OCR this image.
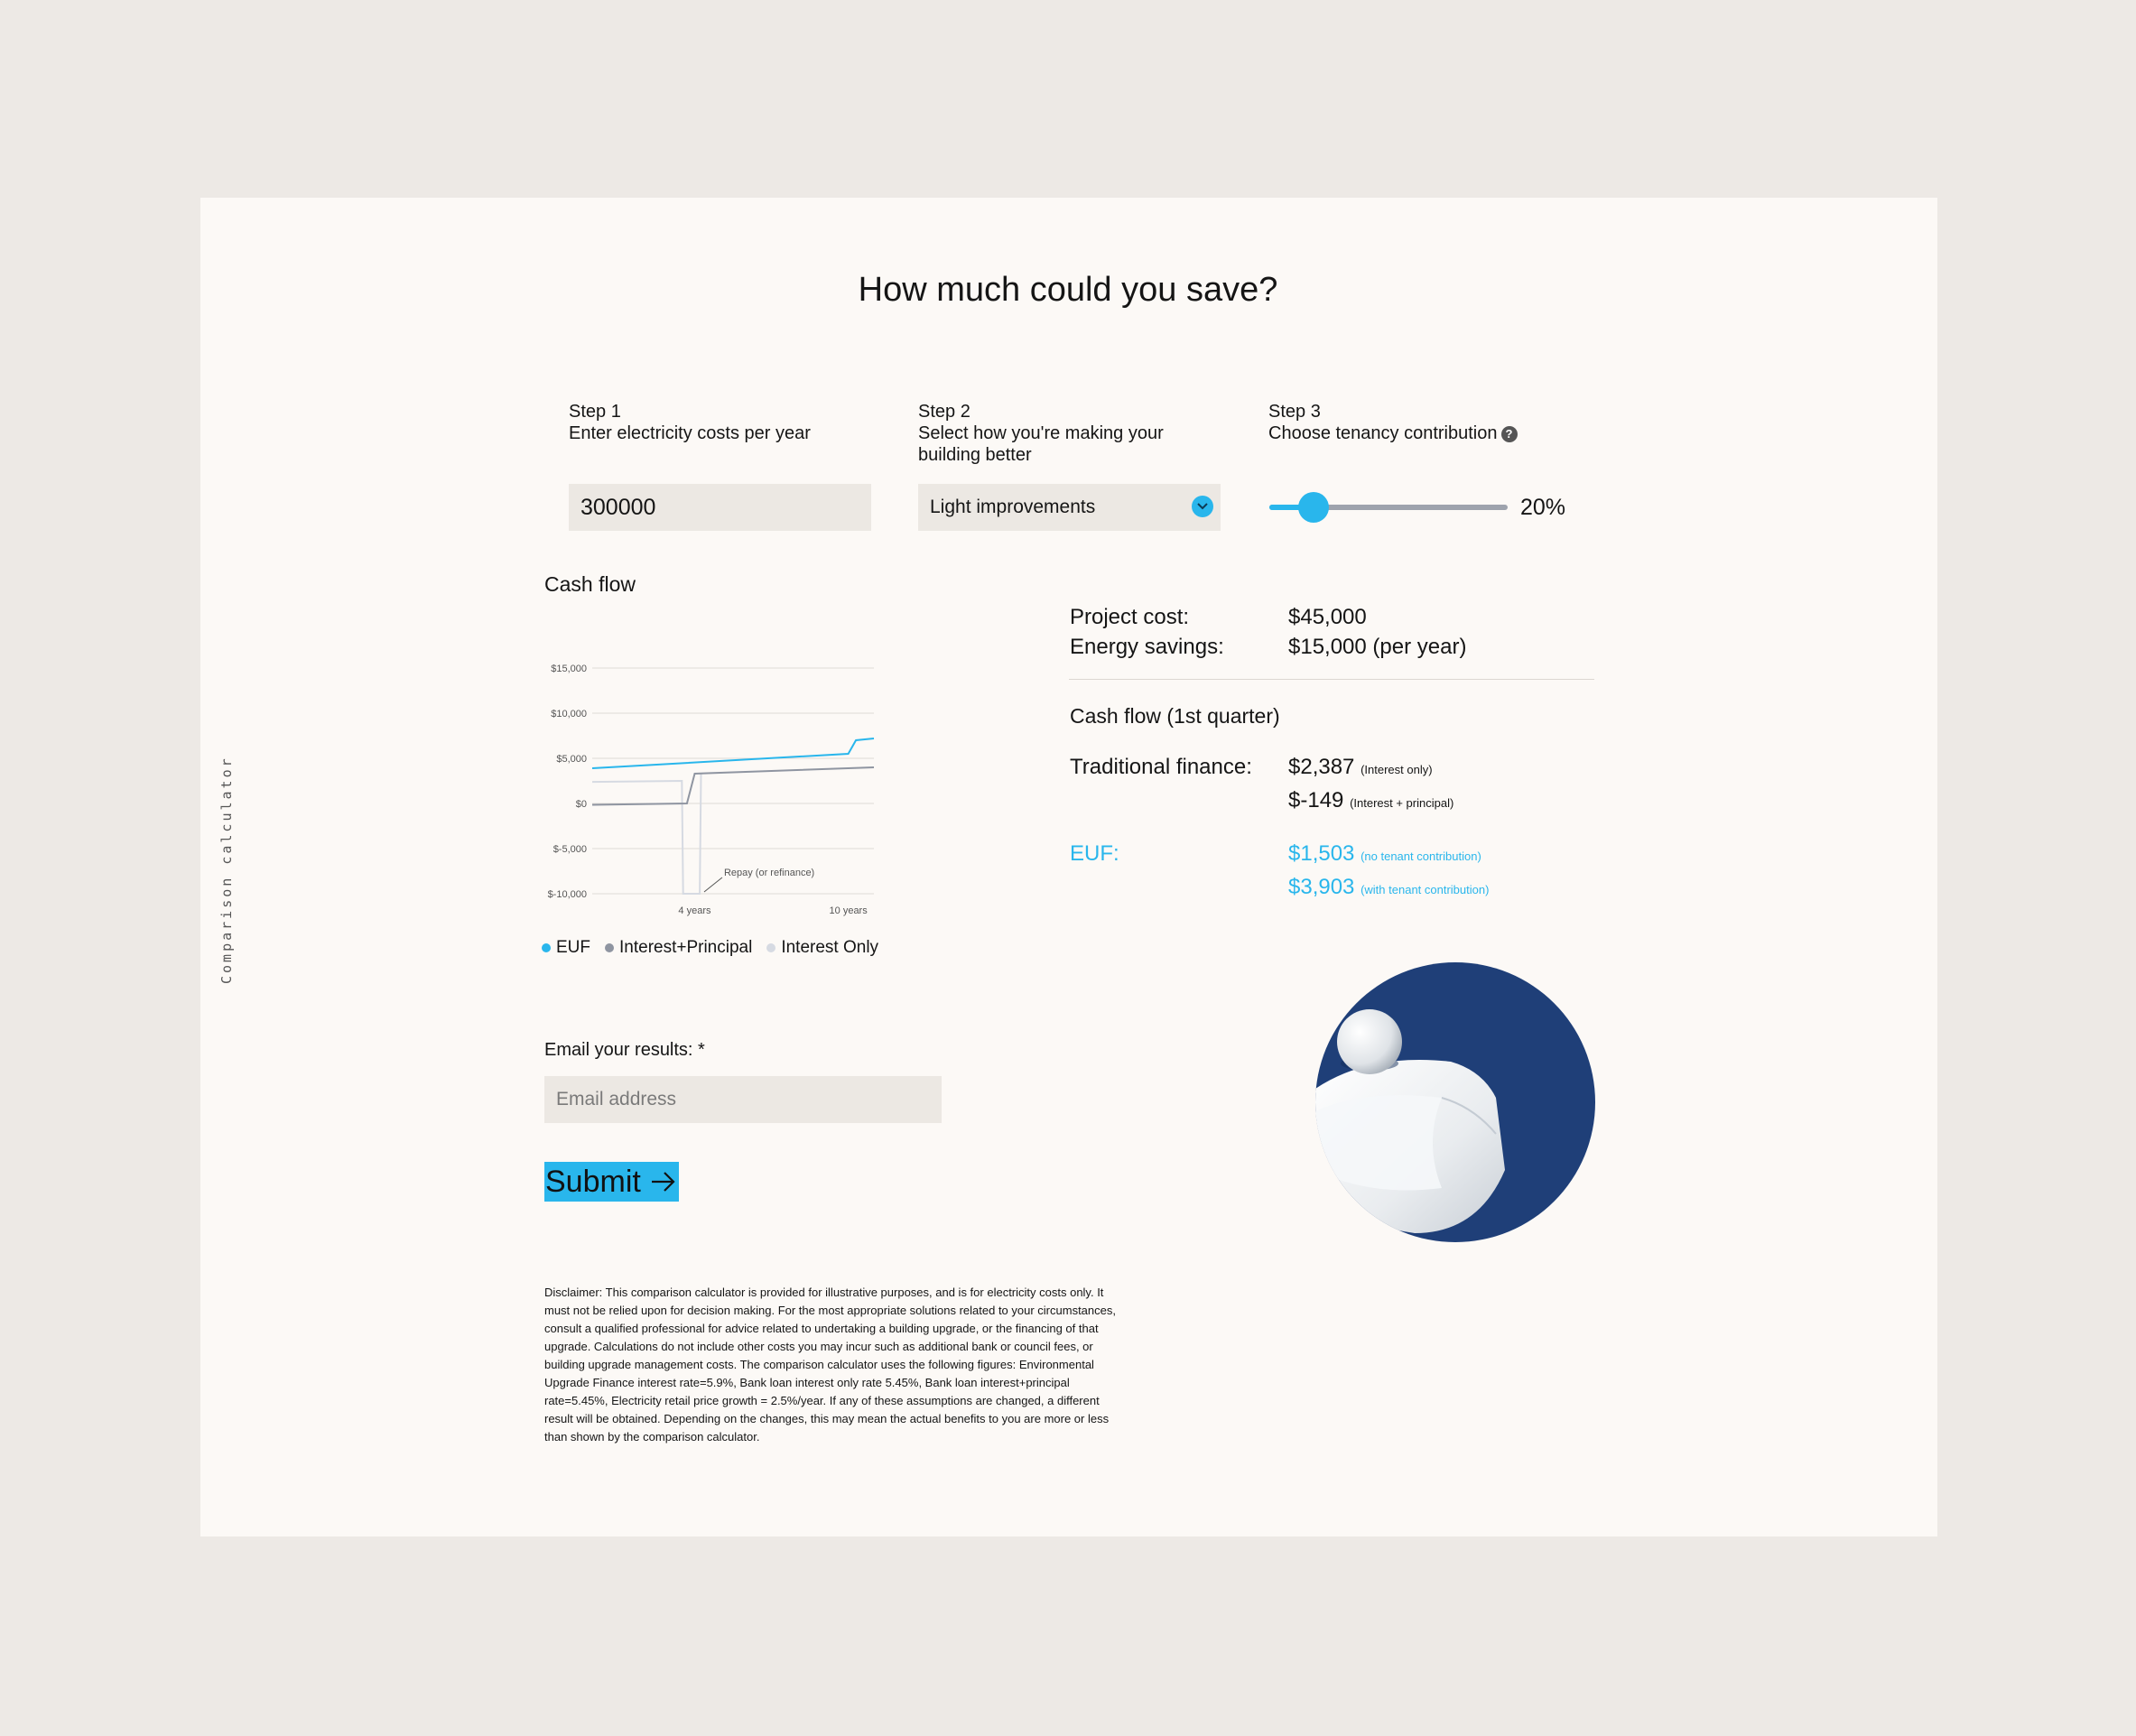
Comparison calculator
How much could you save?
Step 1
Enter electricity costs per year
300000
Step 2
Select how you're making your building better
Light improvements
Step 3
Choose tenancy contribution ?
20%
Cash flow
$15,000
$10,000
$5,000
$0
$-5,000
$-10,000
4 years	10 years
Repay (or refinance)
EUF Interest+Principal Interest Only
Project cost:	$45,000
Energy savings:	$15,000 (per year)
Cash flow (1st quarter)
Traditional finance: $2,387 (Interest only)
$-149 (Interest + principal)
EUF:	$1,503 (no tenant contribution)
$3,903 (with tenant contribution)
Email your results: *
Email address
Submit
Disclaimer: This comparison calculator is provided for illustrative purposes, and is for electricity costs only. It must not be relied upon for decision making. For the most appropriate solutions related to your circumstances, consult a qualified professional for advice related to undertaking a building upgrade, or the financing of that upgrade. Calculations do not include other costs you may incur such as additional bank or council fees, or building upgrade management costs. The comparison calculator uses the following figures: Environmental Upgrade Finance interest rate=5.9%, Bank loan interest only rate 5.45%, Bank loan interest+principal rate=5.45%, Electricity retail price growth = 2.5%/year. If any of these assumptions are changed, a different result will be obtained. Depending on the changes, this may mean the actual benefits to you are more or less than shown by the comparison calculator.
